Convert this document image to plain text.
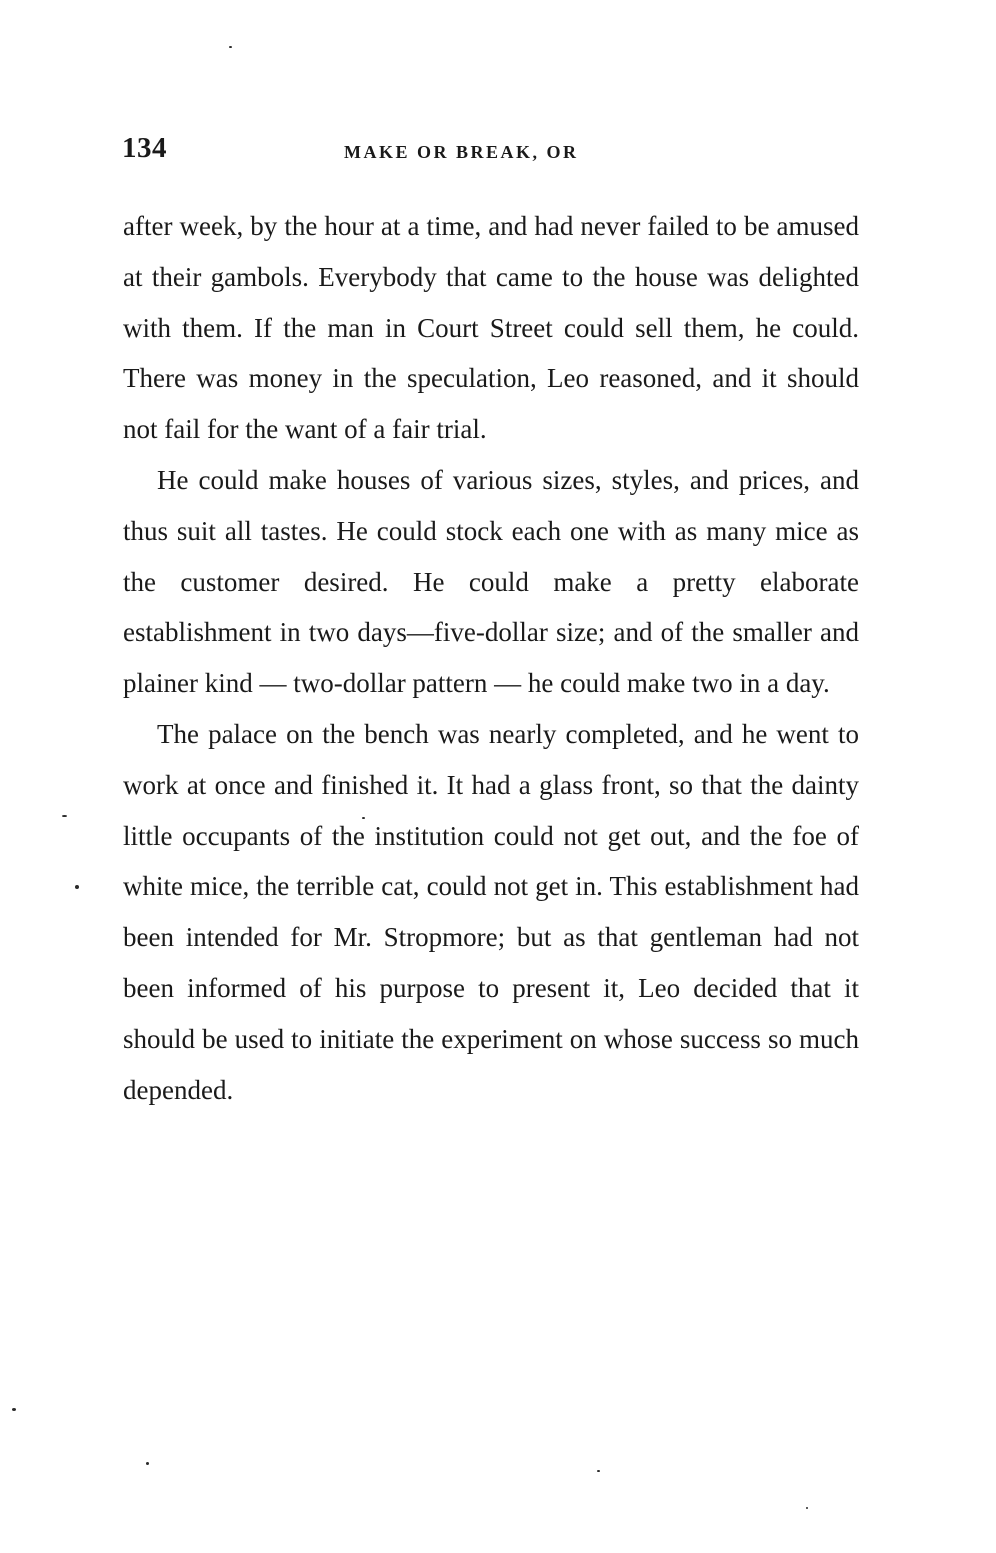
134	MAKE OR BREAK, OR

after week, by the hour at a time, and had never failed to be amused at their gambols. Everybody that came to the house was delighted with them. If the man in Court Street could sell them, he could. There was money in the speculation, Leo reasoned, and it should not fail for the want of a fair trial.

He could make houses of various sizes, styles, and prices, and thus suit all tastes. He could stock each one with as many mice as the customer desired. He could make a pretty elaborate establishment in two days—five-dollar size; and of the smaller and plainer kind — two-dollar pattern — he could make two in a day.

The palace on the bench was nearly completed, and he went to work at once and finished it. It had a glass front, so that the dainty little occupants of the institution could not get out, and the foe of white mice, the terrible cat, could not get in. This establishment had been intended for Mr. Stropmore; but as that gentleman had not been informed of his purpose to present it, Leo decided that it should be used to initiate the experiment on whose success so much depended.
